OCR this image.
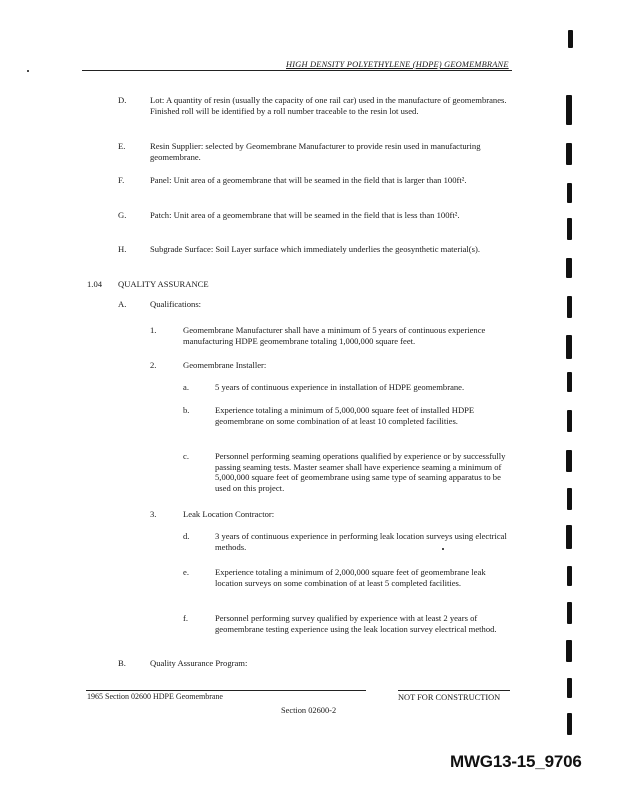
HIGH DENSITY POLYETHYLENE (HDPE) GEOMEMBRANE
D.	Lot: A quantity of resin (usually the capacity of one rail car) used in the manufacture of geomembranes. Finished roll will be identified by a roll number traceable to the resin lot used.
E.	Resin Supplier: selected by Geomembrane Manufacturer to provide resin used in manufacturing geomembrane.
F.	Panel: Unit area of a geomembrane that will be seamed in the field that is larger than 100ft².
G.	Patch: Unit area of a geomembrane that will be seamed in the field that is less than 100ft².
H.	Subgrade Surface: Soil Layer surface which immediately underlies the geosynthetic material(s).
1.04 QUALITY ASSURANCE
A.	Qualifications:
1.	Geomembrane Manufacturer shall have a minimum of 5 years of continuous experience manufacturing HDPE geomembrane totaling 1,000,000 square feet.
2.	Geomembrane Installer:
a.	5 years of continuous experience in installation of HDPE geomembrane.
b.	Experience totaling a minimum of 5,000,000 square feet of installed HDPE geomembrane on some combination of at least 10 completed facilities.
c.	Personnel performing seaming operations qualified by experience or by successfully passing seaming tests. Master seamer shall have experience seaming a minimum of 5,000,000 square feet of geomembrane using same type of seaming apparatus to be used on this project.
3.	Leak Location Contractor:
d.	3 years of continuous experience in performing leak location surveys using electrical methods.
e.	Experience totaling a minimum of 2,000,000 square feet of geomembrane leak location surveys on some combination of at least 5 completed facilities.
f.	Personnel performing survey qualified by experience with at least 2 years of geomembrane testing experience using the leak location survey electrical method.
B.	Quality Assurance Program:
1965 Section 02600 HDPE Geomembrane	NOT FOR CONSTRUCTION
Section 02600-2
MWG13-15_9706
